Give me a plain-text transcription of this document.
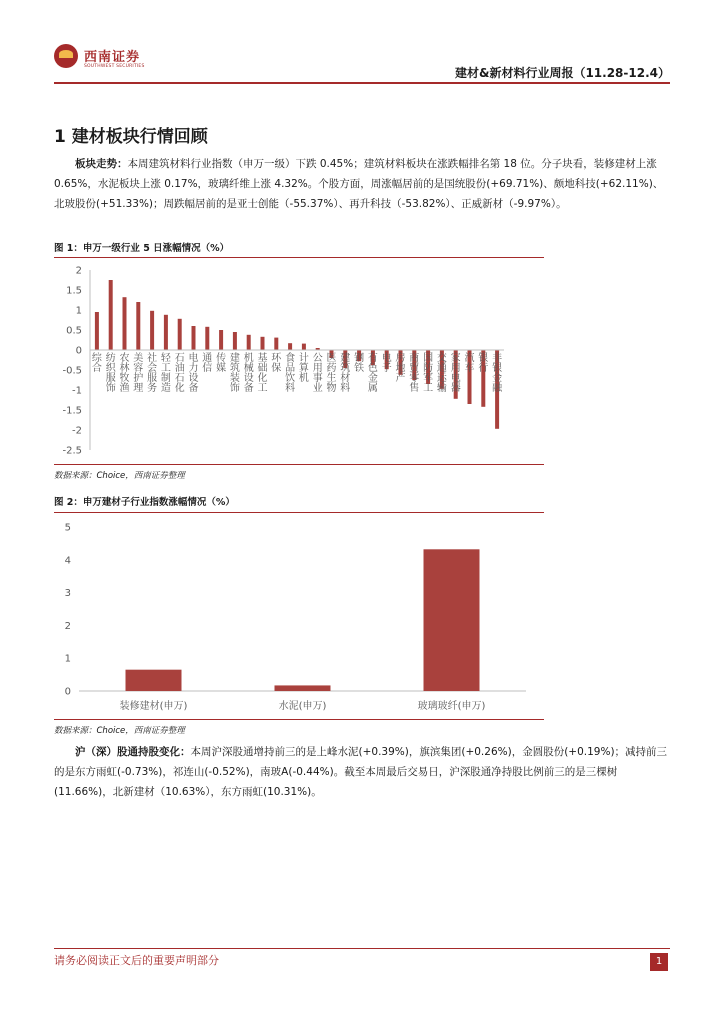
西南证券
SOUTHWEST SECURITIES	建材&新材料行业周报（11.28-12.4）
1 建材板块行情回顾

板块走势：本周建筑材料行业指数（申万一级）下跌 0.45%；建筑材料板块在涨跌幅排名第 18 位。分子块看，装修建材上涨 0.65%，水泥板块上涨 0.17%，玻璃纤维上涨 4.32%。个股方面，周涨幅居前的是国统股份(+69.71%)、颇地科技(+62.11%)、北玻股份(+51.33%)；周跌幅居前的是亚士创能（-55.37%）、再升科技（-53.82%）、正威新材（-9.97%）。

图 1：申万一级行业 5 日涨幅情况（%）
2
1.5
1
0.5
0
-0.5
-1
-1.5
-2
-2.5
综合
纺织服饰
农林牧渔
美容护理
社会服务
轻工制造
石油石化
电力设备
通信
传媒
建筑装饰
机械设备
基础化工
环保
食品饮料
计算机
公用事业
医药生物
建筑材料
钢铁
有色金属
电子
房地产
商贸零售
国防军工
交通运输
家用电器
汽车
银行
非银金融
数据来源：Choice，西南证券整理
图 2：申万建材子行业指数涨幅情况（%）
5
4
3
2
1
0
装修建材(申万)	水泥(申万)	玻璃玻纤(申万)
数据来源：Choice，西南证券整理

沪（深）股通持股变化：本周沪深股通增持前三的是上峰水泥(+0.39%)，旗滨集团(+0.26%)，金圆股份(+0.19%)；减持前三的是东方雨虹(-0.73%)，祁连山(-0.52%)，南玻A(-0.44%)。截至本周最后交易日，沪深股通净持股比例前三的是三棵树(11.66%)，北新建材（10.63%），东方雨虹(10.31%)。

请务必阅读正文后的重要声明部分	1
